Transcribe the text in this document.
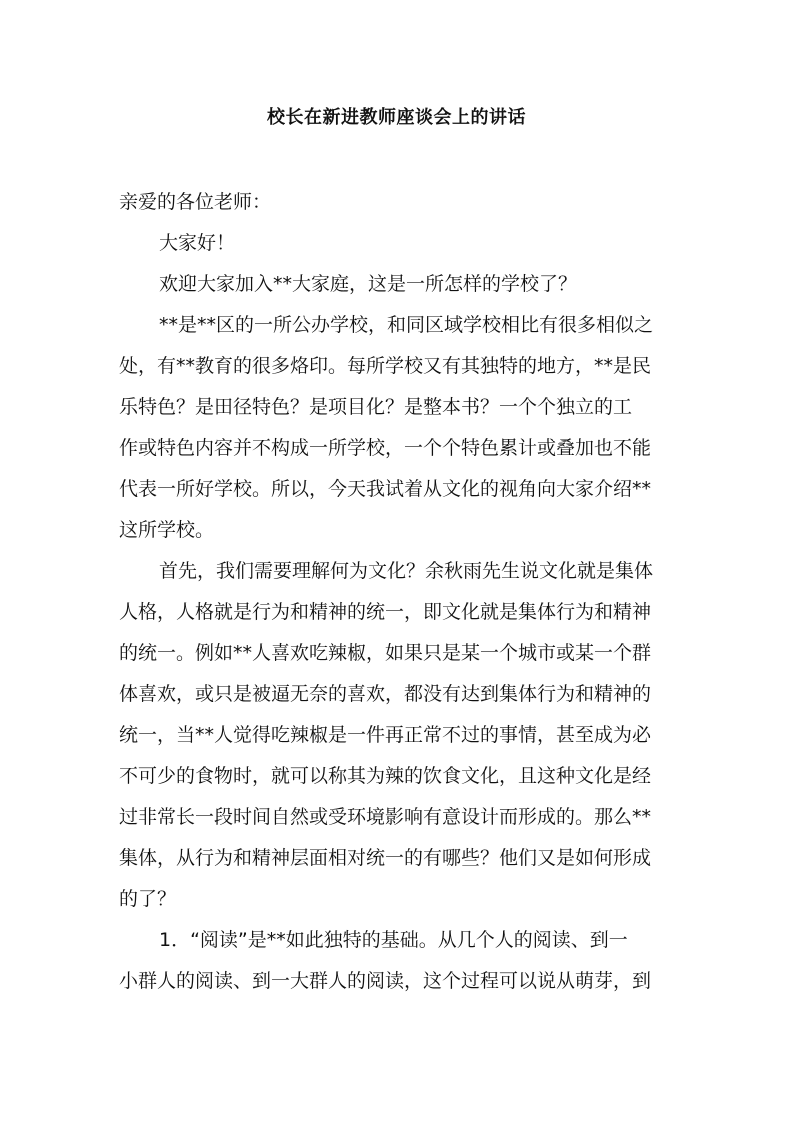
校长在新进教师座谈会上的讲话
亲爱的各位老师：
大家好！
欢迎大家加入**大家庭，这是一所怎样的学校了？
**是**区的一所公办学校，和同区域学校相比有很多相似之
处，有**教育的很多烙印。每所学校又有其独特的地方，**是民
乐特色？是田径特色？是项目化？是整本书？一个个独立的工
作或特色内容并不构成一所学校，一个个特色累计或叠加也不能
代表一所好学校。所以，今天我试着从文化的视角向大家介绍**
这所学校。
首先，我们需要理解何为文化？余秋雨先生说文化就是集体
人格，人格就是行为和精神的统一，即文化就是集体行为和精神
的统一。例如**人喜欢吃辣椒，如果只是某一个城市或某一个群
体喜欢，或只是被逼无奈的喜欢，都没有达到集体行为和精神的
统一，当**人觉得吃辣椒是一件再正常不过的事情，甚至成为必
不可少的食物时，就可以称其为辣的饮食文化，且这种文化是经
过非常长一段时间自然或受环境影响有意设计而形成的。那么**
集体，从行为和精神层面相对统一的有哪些？他们又是如何形成
的了？
1．“阅读”是**如此独特的基础。从几个人的阅读、到一
小群人的阅读、到一大群人的阅读，这个过程可以说从萌芽，到
